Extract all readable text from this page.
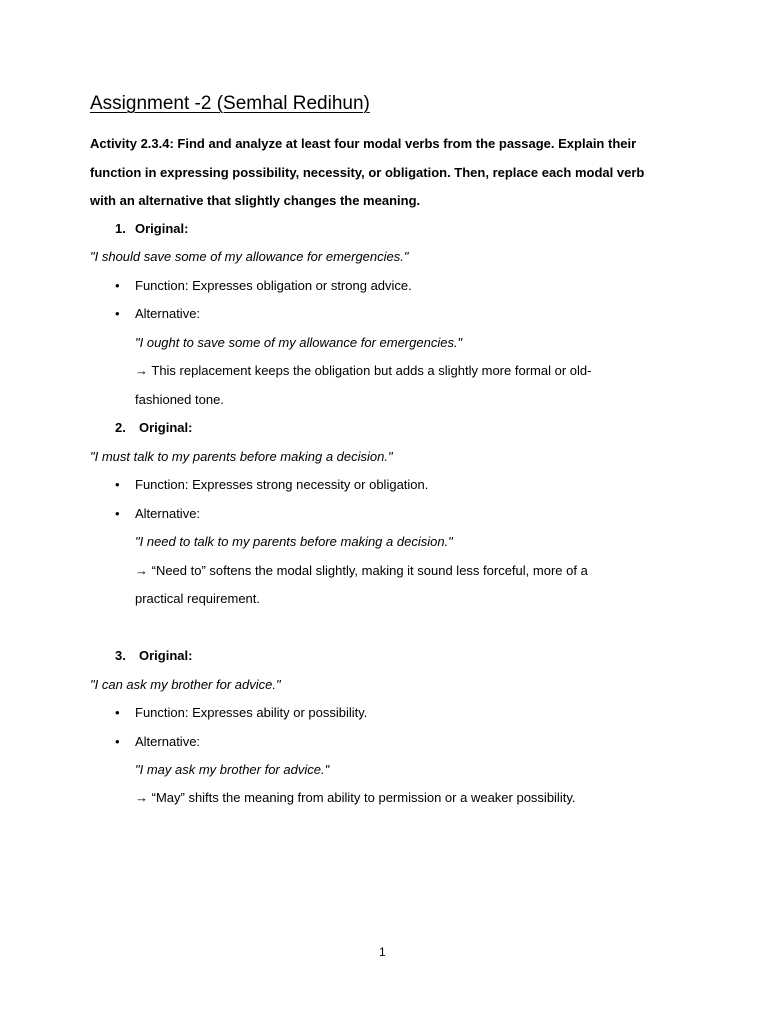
Assignment -2 (Semhal Redihun)
Activity 2.3.4: Find and analyze at least four modal verbs from the passage. Explain their
function in expressing possibility, necessity, or obligation. Then, replace each modal verb
with an alternative that slightly changes the meaning.
1. Original:
"I should save some of my allowance for emergencies."
• Function: Expresses obligation or strong advice.
• Alternative:
"I ought to save some of my allowance for emergencies."
→ This replacement keeps the obligation but adds a slightly more formal or old-
fashioned tone.
2. Original:
"I must talk to my parents before making a decision."
• Function: Expresses strong necessity or obligation.
• Alternative:
"I need to talk to my parents before making a decision."
→ “Need to” softens the modal slightly, making it sound less forceful, more of a
practical requirement.
3. Original:
"I can ask my brother for advice."
• Function: Expresses ability or possibility.
• Alternative:
"I may ask my brother for advice."
→ “May” shifts the meaning from ability to permission or a weaker possibility.
1
